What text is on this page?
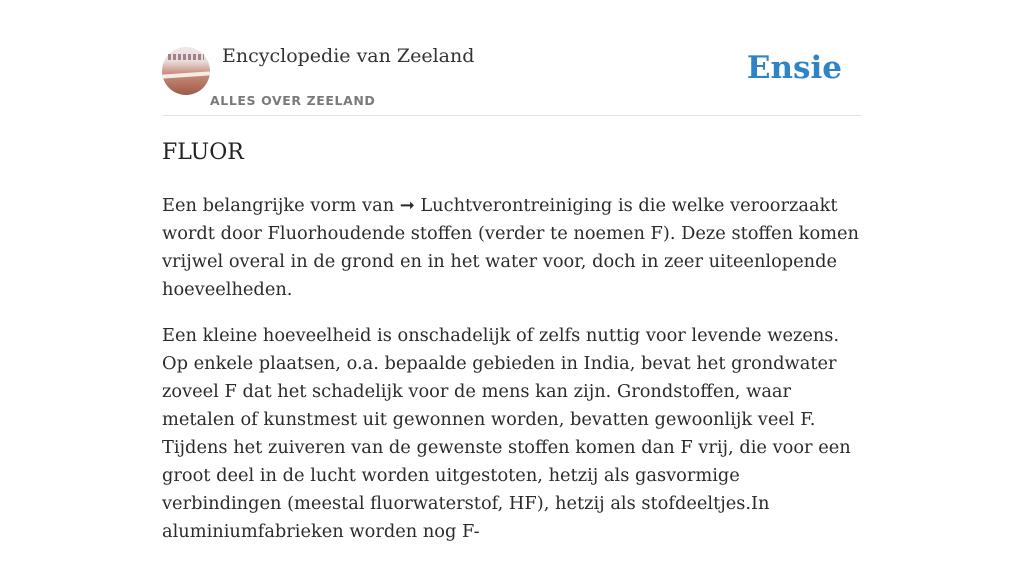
Encyclopedie van Zeeland
ALLES OVER ZEELAND
Ensie
FLUOR

Een belangrijke vorm van ➞ Luchtverontreiniging is die welke veroorzaakt wordt door Fluorhoudende stoffen (verder te noemen F). Deze stoffen komen vrijwel overal in de grond en in het water voor, doch in zeer uiteenlopende hoeveelheden.

Een kleine hoeveelheid is onschadelijk of zelfs nuttig voor levende wezens. Op enkele plaatsen, o.a. bepaalde gebieden in India, bevat het grondwater zoveel F dat het schadelijk voor de mens kan zijn. Grondstoffen, waar metalen of kunstmest uit gewonnen worden, bevatten gewoonlijk veel F. Tijdens het zuiveren van de gewenste stoffen komen dan F vrij, die voor een groot deel in de lucht worden uitgestoten, hetzij als gasvormige verbindingen (meestal fluorwaterstof, HF), hetzij als stofdeeltjes.In aluminiumfabrieken worden nog F-
